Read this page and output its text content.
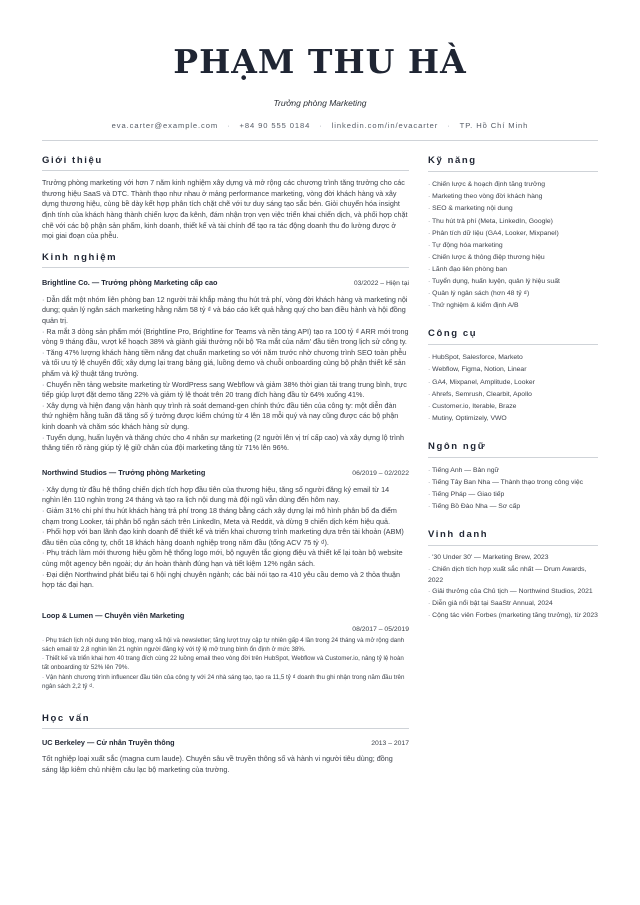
PHẠM THU HÀ
Trưởng phòng Marketing
eva.carter@example.com · +84 90 555 0184 · linkedin.com/in/evacarter · TP. Hồ Chí Minh
Giới thiệu

Trưởng phòng marketing với hơn 7 năm kinh nghiệm xây dựng và mở rộng các chương trình tăng trưởng cho các thương hiệu SaaS và DTC. Thành thạo như nhau ở mảng performance marketing, vòng đời khách hàng và xây dựng thương hiệu, cùng bề dày kết hợp phân tích chặt chẽ với tư duy sáng tạo sắc bén. Giỏi chuyển hóa insight định tính của khách hàng thành chiến lược đa kênh, đám nhận trọn vẹn việc triển khai chiến dịch, và phối hợp chặt chẽ với các bộ phận sản phẩm, kinh doanh, thiết kế và tài chính để tạo ra tác động doanh thu đo lường được ở mọi giai đoạn của phễu.

Kinh nghiệm
Brightline Co. — Trưởng phòng Marketing cấp cao	03/2022 – Hiện tại
· Dẫn dắt một nhóm liên phòng ban 12 người trải khắp mảng thu hút trả phí, vòng đời khách hàng và marketing nội dung; quản lý ngân sách marketing hằng năm 58 tỷ ₫ và báo cáo kết quả hằng quý cho ban điều hành và hội đồng quản trị.
· Ra mắt 3 dòng sản phẩm mới (Brightline Pro, Brightline for Teams và nền tảng API) tạo ra 100 tỷ ₫ ARR mới trong vòng 9 tháng đầu, vượt kế hoạch 38% và giành giải thưởng nội bộ 'Ra mắt của năm' đầu tiên trong lịch sử công ty.
· Tăng 47% lượng khách hàng tiềm năng đạt chuẩn marketing so với năm trước nhờ chương trình SEO toàn phễu và tối ưu tỷ lệ chuyển đổi; xây dựng lại trang bảng giá, luồng demo và chuỗi onboarding cùng bộ phận thiết kế sản phẩm và kỹ thuật tăng trưởng.
· Chuyển nền tảng website marketing từ WordPress sang Webflow và giảm 38% thời gian tải trang trung bình, trực tiếp giúp lượt đặt demo tăng 22% và giảm tỷ lệ thoát trên 20 trang đích hàng đầu từ 64% xuống 41%.
· Xây dựng và hiện đang vận hành quy trình rà soát demand-gen chính thức đầu tiên của công ty: một diễn đàn thứ nghiệm hằng tuần đã tăng số ý tưởng được kiểm chứng từ 4 lên 18 mỗi quý và nay cũng được các bộ phận kinh doanh và chăm sóc khách hàng sử dụng.
· Tuyển dụng, huấn luyện và thăng chức cho 4 nhân sự marketing (2 người lên vị trí cấp cao) và xây dựng lộ trình thăng tiến rõ ràng giúp tỷ lệ giữ chân của đội marketing tăng từ 71% lên 96%.
Northwind Studios — Trưởng phòng Marketing	06/2019 – 02/2022
· Xây dựng từ đầu hệ thống chiến dịch tích hợp đầu tiên của thương hiệu, tăng số người đăng ký email từ 14 nghìn lên 110 nghìn trong 24 tháng và tạo ra lịch nội dung mà đội ngũ vẫn dùng đến hôm nay.
· Giảm 31% chi phí thu hút khách hàng trả phí trong 18 tháng bằng cách xây dựng lại mô hình phân bổ đa điểm chạm trong Looker, tái phân bổ ngân sách trên LinkedIn, Meta và Reddit, và dừng 9 chiến dịch kém hiệu quả.
· Phối hợp với ban lãnh đạo kinh doanh để thiết kế và triển khai chương trình marketing dựa trên tài khoản (ABM) đầu tiên của công ty, chốt 18 khách hàng doanh nghiệp trong năm đầu (tổng ACV 75 tỷ ₫).
· Phụ trách làm mới thương hiệu gồm hệ thống logo mới, bộ nguyên tắc giọng điệu và thiết kế lại toàn bộ website cùng một agency bên ngoài; dự án hoàn thành đúng hạn và tiết kiệm 12% ngân sách.
· Đại diện Northwind phát biểu tại 6 hội nghị chuyên ngành; các bài nói tạo ra 410 yêu cầu demo và 2 thỏa thuận hợp tác đại hạn.
Loop & Lumen — Chuyên viên Marketing
08/2017 – 05/2019
· Phụ trách lịch nội dung trên blog, mạng xã hội và newsletter; tăng lượt truy cập tự nhiên gấp 4 lần trong 24 tháng và mở rộng danh sách email từ 2,8 nghìn lên 21 nghìn người đăng ký với tỷ lệ mở trung bình ổn định ở mức 38%.
· Thiết kế và triển khai hơn 40 trang đích cùng 22 luồng email theo vòng đời trên HubSpot, Webflow và Customer.io, nâng tỷ lệ hoàn tất onboarding từ 52% lên 79%.
· Vận hành chương trình influencer đầu tiên của công ty với 24 nhà sáng tạo, tạo ra 11,5 tỷ ₫ doanh thu ghi nhận trong năm đầu trên ngân sách 2,2 tỷ ₫.
Học vấn
UC Berkeley — Cử nhân Truyền thông	2013 – 2017

Tốt nghiệp loại xuất sắc (magna cum laude). Chuyên sâu về truyền thông số và hành vi người tiêu dùng; đồng sáng lập kiêm chủ nhiệm câu lạc bộ marketing của trường.

Kỹ năng
· Chiến lược & hoạch định tăng trưởng
· Marketing theo vòng đời khách hàng
· SEO & marketing nội dung
· Thu hút trả phí (Meta, LinkedIn, Google)
· Phân tích dữ liệu (GA4, Looker, Mixpanel)
· Tự động hóa marketing
· Chiến lược & thông điệp thương hiệu
· Lãnh đạo liên phòng ban
· Tuyển dụng, huấn luyện, quản lý hiệu suất
· Quản lý ngân sách (hơn 48 tỷ ₫)
· Thử nghiệm & kiểm định A/B
Công cụ
· HubSpot, Salesforce, Marketo
· Webflow, Figma, Notion, Linear
· GA4, Mixpanel, Amplitude, Looker
· Ahrefs, Semrush, Clearbit, Apollo
· Customer.io, Iterable, Braze
· Mutiny, Optimizely, VWO
Ngôn ngữ
· Tiếng Anh — Bản ngữ
· Tiếng Tây Ban Nha — Thành thạo trong công việc
· Tiếng Pháp — Giao tiếp
· Tiếng Bồ Đào Nha — Sơ cấp
Vinh danh
· '30 Under 30' — Marketing Brew, 2023
· Chiến dịch tích hợp xuất sắc nhất — Drum Awards, 2022
· Giải thưởng của Chủ tịch — Northwind Studios, 2021
· Diễn giả nổi bật tại SaaStr Annual, 2024
· Cộng tác viên Forbes (marketing tăng trưởng), từ 2023
